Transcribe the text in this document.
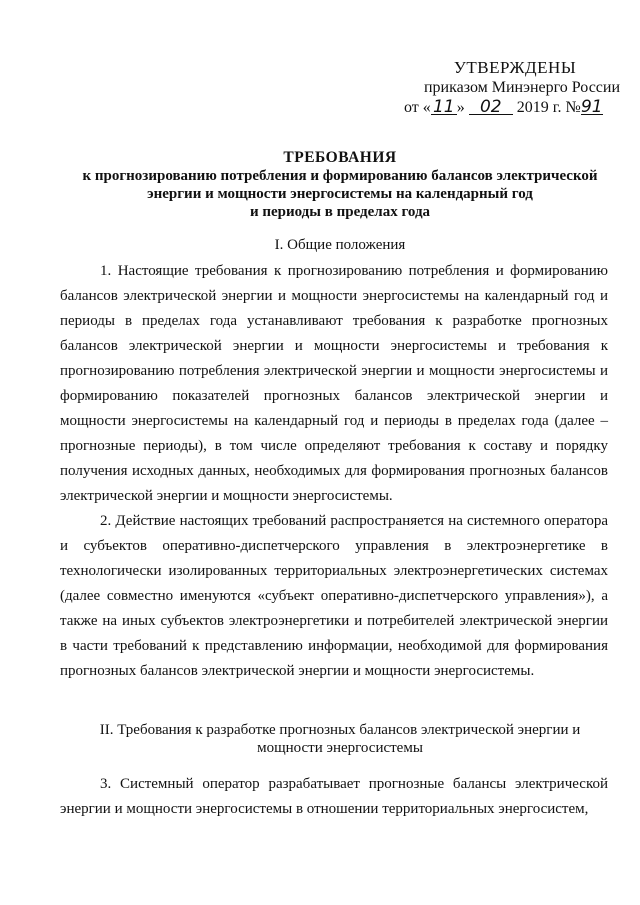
УТВЕРЖДЕНЫ
приказом Минэнерго России
от « 11 » 02 2019 г. №91
ТРЕБОВАНИЯ
к прогнозированию потребления и формированию балансов электрической
энергии и мощности энергосистемы на календарный год
и периоды в пределах года
I. Общие положения

1. Настоящие требования к прогнозированию потребления и формированию балансов электрической энергии и мощности энергосистемы на календарный год и периоды в пределах года устанавливают требования к разработке прогнозных балансов электрической энергии и мощности энергосистемы и требования к прогнозированию потребления электрической энергии и мощности энергосистемы и формированию показателей прогнозных балансов электрической энергии и мощности энергосистемы на календарный год и периоды в пределах года (далее – прогнозные периоды), в том числе определяют требования к составу и порядку получения исходных данных, необходимых для формирования прогнозных балансов электрической энергии и мощности энергосистемы.

2. Действие настоящих требований распространяется на системного оператора и субъектов оперативно-диспетчерского управления в электроэнергетике в технологически изолированных территориальных электроэнергетических системах (далее совместно именуются «субъект оперативно-диспетчерского управления»), а также на иных субъектов электроэнергетики и потребителей электрической энергии в части требований к представлению информации, необходимой для формирования прогнозных балансов электрической энергии и мощности энергосистемы.

II. Требования к разработке прогнозных балансов электрической энергии и
мощности энергосистемы

3. Системный оператор разрабатывает прогнозные балансы электрической энергии и мощности энергосистемы в отношении территориальных энергосистем,
